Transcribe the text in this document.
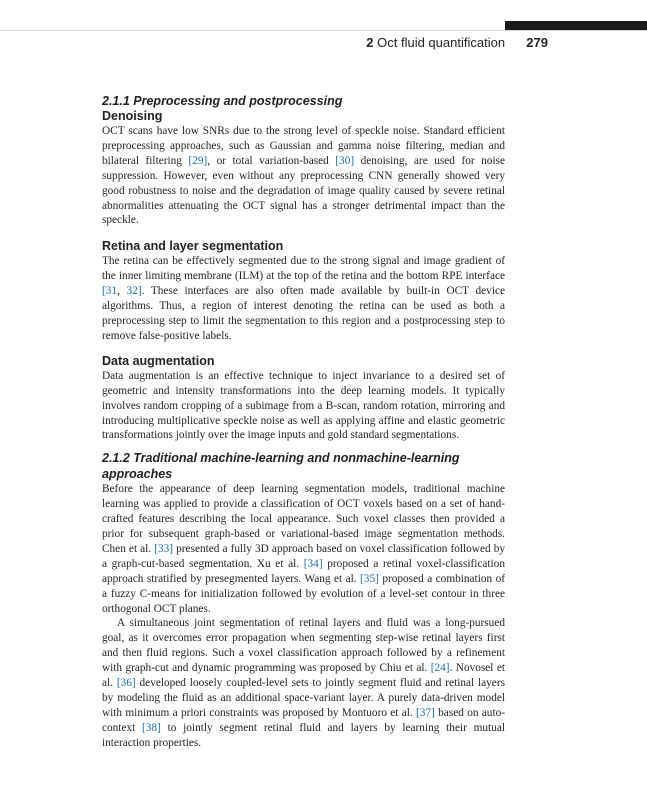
2 Oct fluid quantification 279
2.1.1 Preprocessing and postprocessing
Denoising

OCT scans have low SNRs due to the strong level of speckle noise. Standard efficient preprocessing approaches, such as Gaussian and gamma noise filtering, median and bilateral filtering [29], or total variation-based [30] denoising, are used for noise suppression. However, even without any preprocessing CNN generally showed very good robustness to noise and the degradation of image quality caused by severe retinal abnormalities attenuating the OCT signal has a stronger detrimental impact than the speckle.

Retina and layer segmentation

The retina can be effectively segmented due to the strong signal and image gradient of the inner limiting membrane (ILM) at the top of the retina and the bottom RPE interface [31, 32]. These interfaces are also often made available by built-in OCT device algorithms. Thus, a region of interest denoting the retina can be used as both a preprocessing step to limit the segmentation to this region and a postprocessing step to remove false-positive labels.

Data augmentation

Data augmentation is an effective technique to inject invariance to a desired set of geometric and intensity transformations into the deep learning models. It typically involves random cropping of a subimage from a B-scan, random rotation, mirroring and introducing multiplicative speckle noise as well as applying affine and elastic geometric transformations jointly over the image inputs and gold standard segmentations.

2.1.2 Traditional machine-learning and nonmachine-learning approaches

Before the appearance of deep learning segmentation models, traditional machine learning was applied to provide a classification of OCT voxels based on a set of hand-crafted features describing the local appearance. Such voxel classes then provided a prior for subsequent graph-based or variational-based image segmentation methods. Chen et al. [33] presented a fully 3D approach based on voxel classification followed by a graph-cut-based segmentation. Xu et al. [34] proposed a retinal voxel-classification approach stratified by presegmented layers. Wang et al. [35] proposed a combination of a fuzzy C-means for initialization followed by evolution of a level-set contour in three orthogonal OCT planes.

A simultaneous joint segmentation of retinal layers and fluid was a long-pursued goal, as it overcomes error propagation when segmenting step-wise retinal layers first and then fluid regions. Such a voxel classification approach followed by a refinement with graph-cut and dynamic programming was proposed by Chiu et al. [24]. Novosel et al. [36] developed loosely coupled-level sets to jointly segment fluid and retinal layers by modeling the fluid as an additional space-variant layer. A purely data-driven model with minimum a priori constraints was proposed by Montuoro et al. [37] based on auto-context [38] to jointly segment retinal fluid and layers by learning their mutual interaction properties.
